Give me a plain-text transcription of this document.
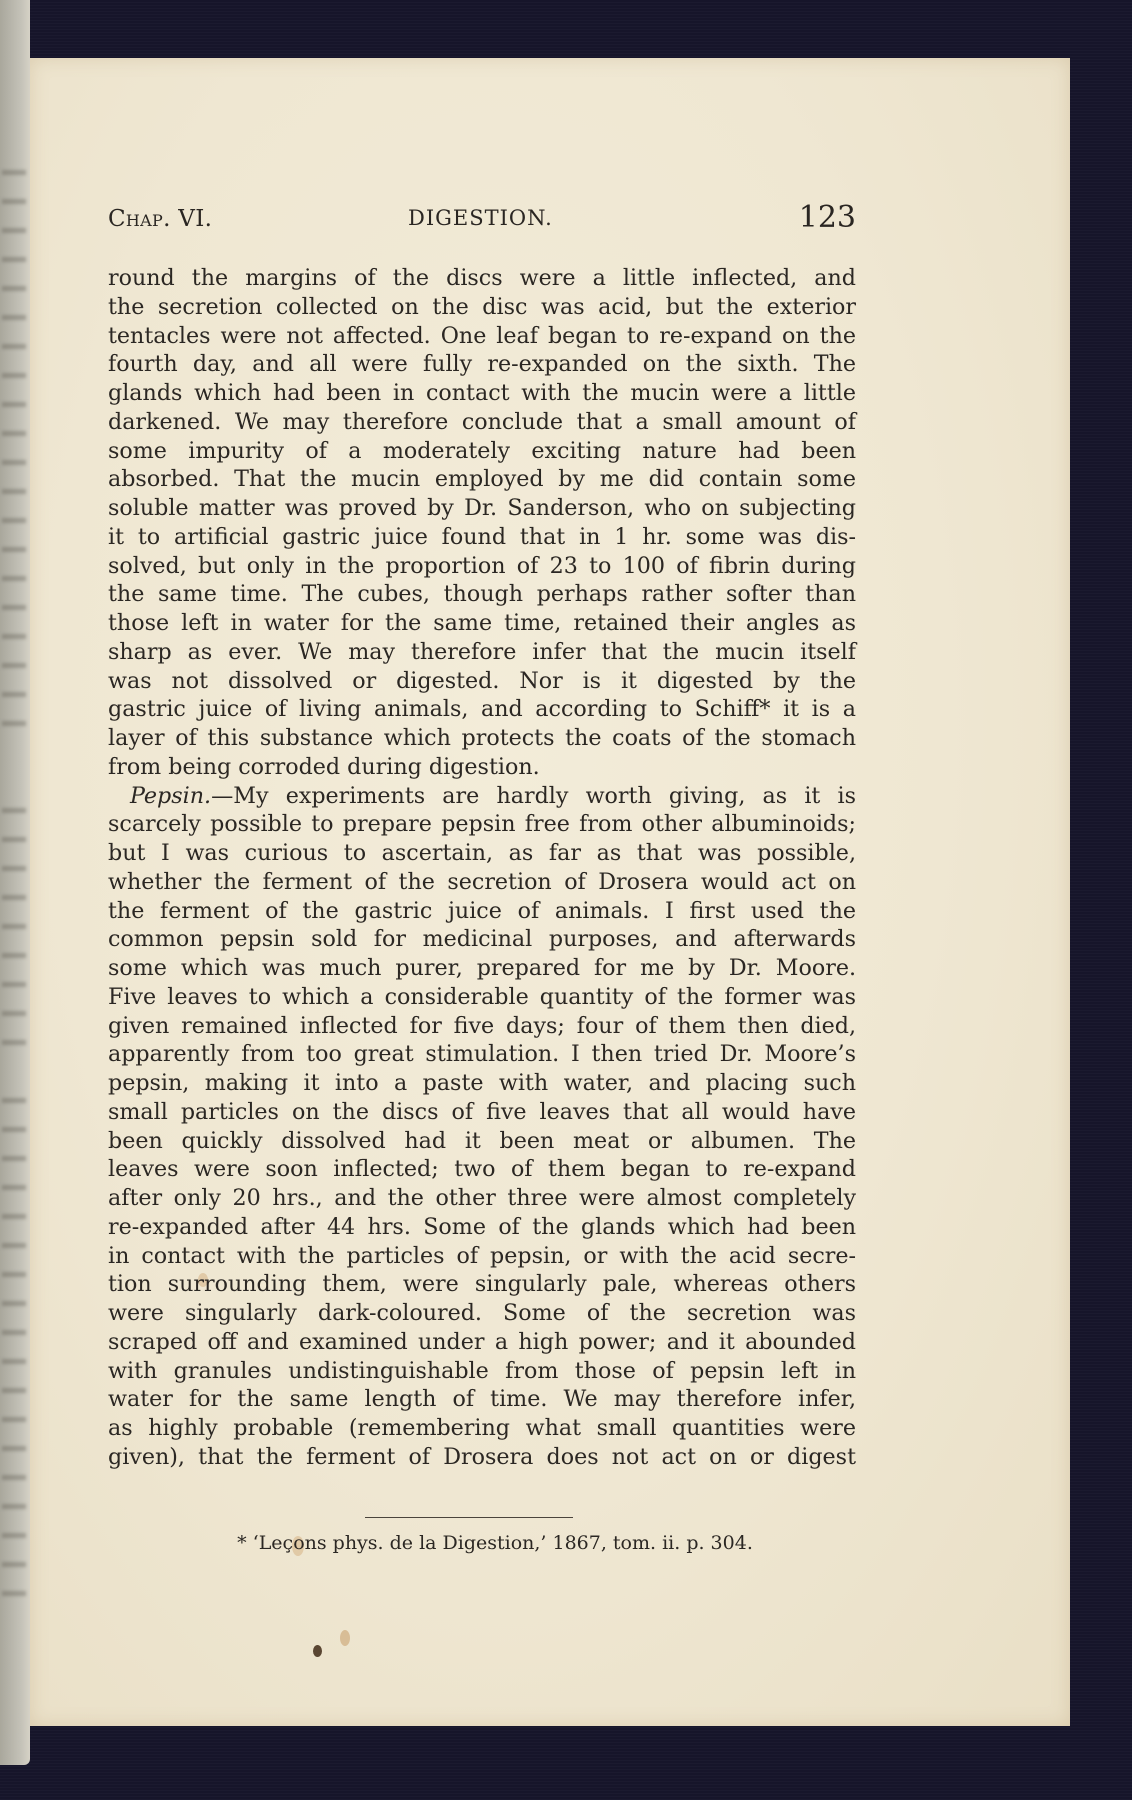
Chap. VI.	DIGESTION.	123
round the margins of the discs were a little inflected, and
the secretion collected on the disc was acid, but the exterior
tentacles were not affected. One leaf began to re-expand on the
fourth day, and all were fully re-expanded on the sixth. The
glands which had been in contact with the mucin were a little
darkened. We may therefore conclude that a small amount of
some impurity of a moderately exciting nature had been
absorbed. That the mucin employed by me did contain some
soluble matter was proved by Dr. Sanderson, who on subjecting
it to artificial gastric juice found that in 1 hr. some was dis-
solved, but only in the proportion of 23 to 100 of fibrin during
the same time. The cubes, though perhaps rather softer than
those left in water for the same time, retained their angles as
sharp as ever. We may therefore infer that the mucin itself
was not dissolved or digested. Nor is it digested by the
gastric juice of living animals, and according to Schiff* it is a
layer of this substance which protects the coats of the stomach
from being corroded during digestion.
Pepsin.—My experiments are hardly worth giving, as it is
scarcely possible to prepare pepsin free from other albuminoids;
but I was curious to ascertain, as far as that was possible,
whether the ferment of the secretion of Drosera would act on
the ferment of the gastric juice of animals. I first used the
common pepsin sold for medicinal purposes, and afterwards
some which was much purer, prepared for me by Dr. Moore.
Five leaves to which a considerable quantity of the former was
given remained inflected for five days; four of them then died,
apparently from too great stimulation. I then tried Dr. Moore’s
pepsin, making it into a paste with water, and placing such
small particles on the discs of five leaves that all would have
been quickly dissolved had it been meat or albumen. The
leaves were soon inflected; two of them began to re-expand
after only 20 hrs., and the other three were almost completely
re-expanded after 44 hrs. Some of the glands which had been
in contact with the particles of pepsin, or with the acid secre-
tion surrounding them, were singularly pale, whereas others
were singularly dark-coloured. Some of the secretion was
scraped off and examined under a high power; and it abounded
with granules undistinguishable from those of pepsin left in
water for the same length of time. We may therefore infer,
as highly probable (remembering what small quantities were
given), that the ferment of Drosera does not act on or digest
* ‘Leçons phys. de la Digestion,’ 1867, tom. ii. p. 304.
